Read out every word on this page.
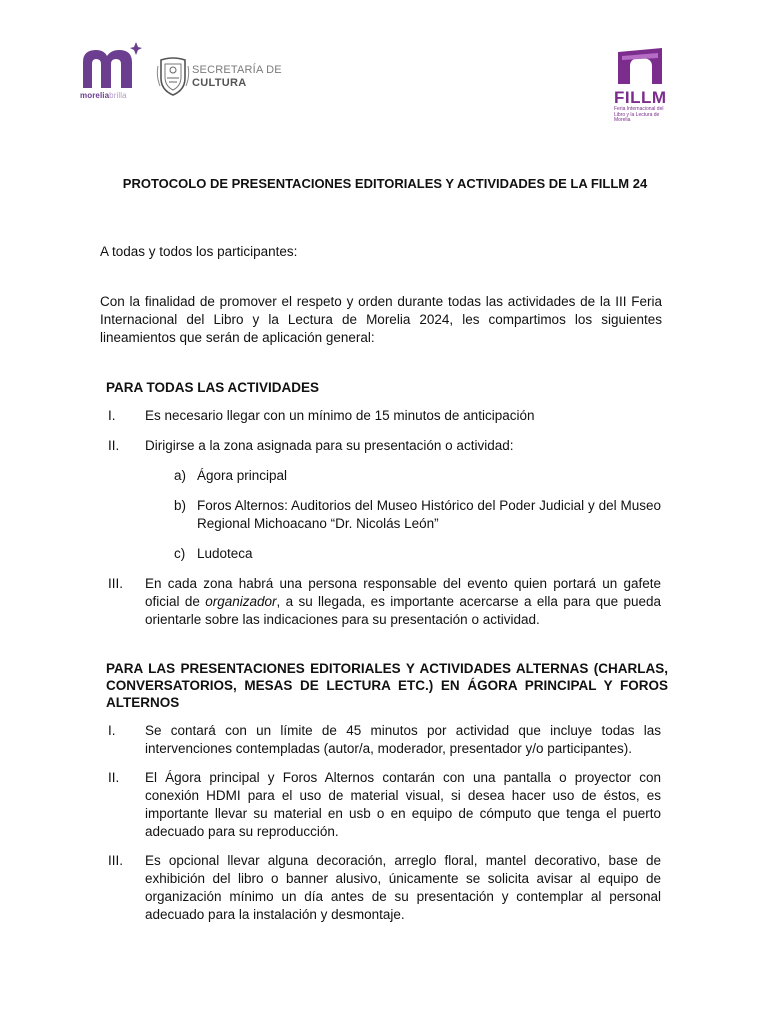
moreliabrilla
SECRETARÍA DE
CULTURA
FILLM
Feria Internacional del Libro y la Lectura de Morelia
PROTOCOLO DE PRESENTACIONES EDITORIALES Y ACTIVIDADES DE LA FILLM 24
A todas y todos los participantes:
Con la finalidad de promover el respeto y orden durante todas las actividades de la III Feria Internacional del Libro y la Lectura de Morelia 2024, les compartimos los siguientes lineamientos que serán de aplicación general:
PARA TODAS LAS ACTIVIDADES
I.	Es necesario llegar con un mínimo de 15 minutos de anticipación
II.	Dirigirse a la zona asignada para su presentación o actividad:
a) Ágora principal
b) Foros Alternos: Auditorios del Museo Histórico del Poder Judicial y del Museo Regional Michoacano “Dr. Nicolás León”
c) Ludoteca
III.	En cada zona habrá una persona responsable del evento quien portará un gafete oficial de organizador, a su llegada, es importante acercarse a ella para que pueda orientarle sobre las indicaciones para su presentación o actividad.
PARA LAS PRESENTACIONES EDITORIALES Y ACTIVIDADES ALTERNAS (CHARLAS, CONVERSATORIOS, MESAS DE LECTURA ETC.) EN ÁGORA PRINCIPAL Y FOROS ALTERNOS
I.	Se contará con un límite de 45 minutos por actividad que incluye todas las intervenciones contempladas (autor/a, moderador, presentador y/o participantes).
II.	El Ágora principal y Foros Alternos contarán con una pantalla o proyector con conexión HDMI para el uso de material visual, si desea hacer uso de éstos, es importante llevar su material en usb o en equipo de cómputo que tenga el puerto adecuado para su reproducción.
III.	Es opcional llevar alguna decoración, arreglo floral, mantel decorativo, base de exhibición del libro o banner alusivo, únicamente se solicita avisar al equipo de organización mínimo un día antes de su presentación y contemplar al personal adecuado para la instalación y desmontaje.
